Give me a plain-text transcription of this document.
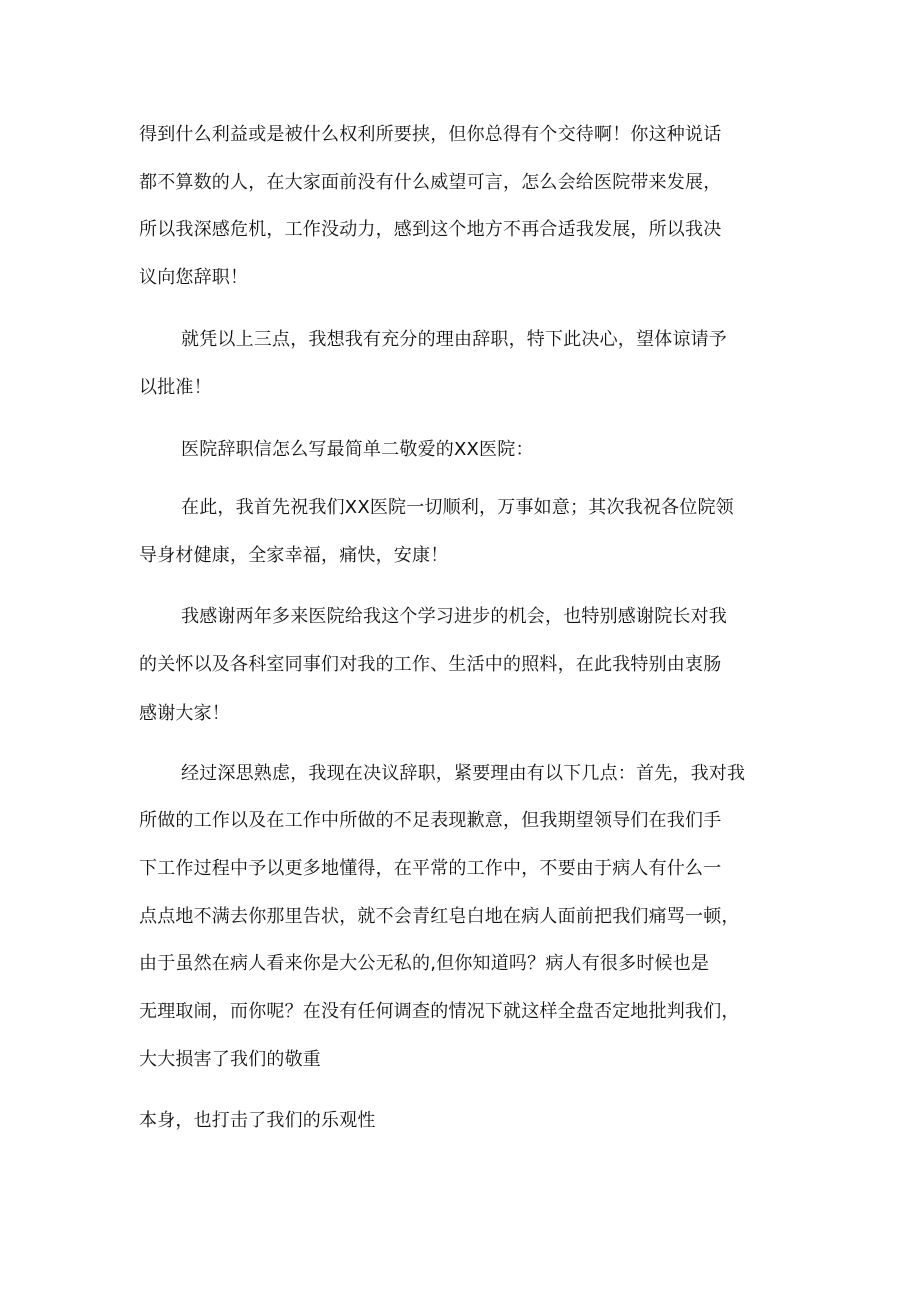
得到什么利益或是被什么权利所要挟，但你总得有个交待啊！你这种说话
都不算数的人，在大家面前没有什么威望可言，怎么会给医院带来发展，
所以我深感危机，工作没动力，感到这个地方不再合适我发展，所以我决
议向您辞职！
就凭以上三点，我想我有充分的理由辞职，特下此决心，望体谅请予
以批准！
医院辞职信怎么写最简单二敬爱的XX医院：
在此，我首先祝我们XX医院一切顺利，万事如意；其次我祝各位院领
导身材健康，全家幸福，痛快，安康！
我感谢两年多来医院给我这个学习进步的机会，也特别感谢院长对我
的关怀以及各科室同事们对我的工作、生活中的照料，在此我特别由衷肠
感谢大家！
经过深思熟虑，我现在决议辞职，紧要理由有以下几点：首先，我对我
所做的工作以及在工作中所做的不足表现歉意，但我期望领导们在我们手
下工作过程中予以更多地懂得，在平常的工作中，不要由于病人有什么一
点点地不满去你那里告状，就不会青红皂白地在病人面前把我们痛骂一顿，
由于虽然在病人看来你是大公无私的,但你知道吗？病人有很多时候也是
无理取闹，而你呢？在没有任何调查的情况下就这样全盘否定地批判我们，
大大损害了我们的敬重
本身，也打击了我们的乐观性
